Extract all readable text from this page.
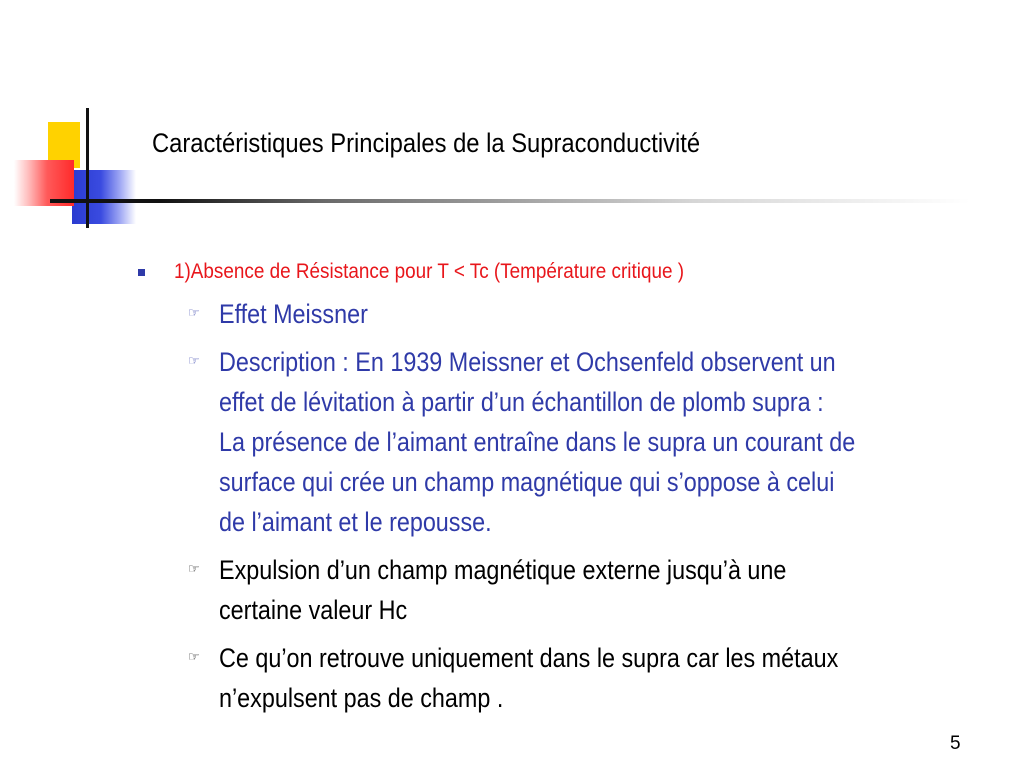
Caractéristiques Principales de la Supraconductivité
1)Absence de Résistance pour T < Tc (Température critique )
☞ Effet Meissner
☞ Description : En 1939 Meissner et Ochsenfeld observent un
effet de lévitation à partir d’un échantillon de plomb supra :
La présence de l’aimant entraîne dans le supra un courant de
surface qui crée un champ magnétique qui s’oppose à celui
de l’aimant et le repousse.
☞ Expulsion d’un champ magnétique externe jusqu’à une
certaine valeur Hc
☞ Ce qu’on retrouve uniquement dans le supra car les métaux
n’expulsent pas de champ .
5
